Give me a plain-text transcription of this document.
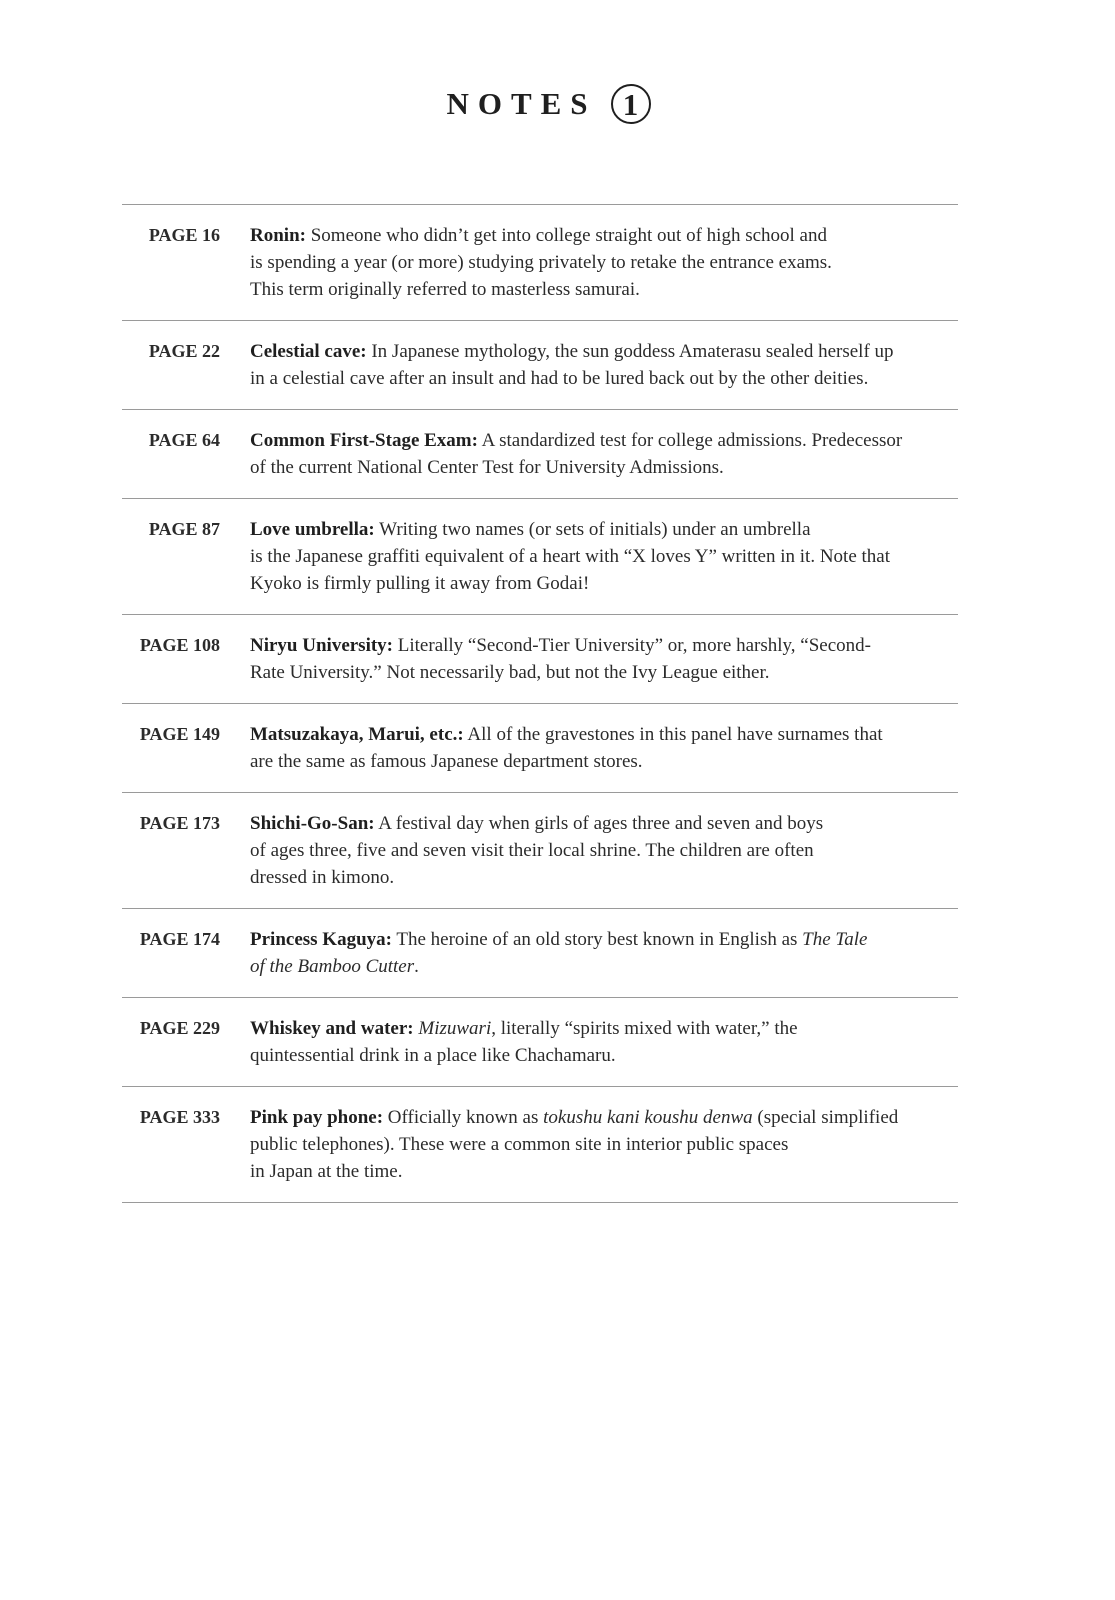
NOTES 1
PAGE 16 Ronin: Someone who didn’t get into college straight out of high school and
is spending a year (or more) studying privately to retake the entrance exams.
This term originally referred to masterless samurai.
PAGE 22 Celestial cave: In Japanese mythology, the sun goddess Amaterasu sealed herself up
in a celestial cave after an insult and had to be lured back out by the other deities.
PAGE 64 Common First-Stage Exam: A standardized test for college admissions. Predecessor
of the current National Center Test for University Admissions.
PAGE 87 Love umbrella: Writing two names (or sets of initials) under an umbrella
is the Japanese graffiti equivalent of a heart with “X loves Y” written in it. Note that
Kyoko is firmly pulling it away from Godai!
PAGE 108 Niryu University: Literally “Second-Tier University” or, more harshly, “Second-
Rate University.” Not necessarily bad, but not the Ivy League either.
PAGE 149 Matsuzakaya, Marui, etc.: All of the gravestones in this panel have surnames that
are the same as famous Japanese department stores.
PAGE 173 Shichi-Go-San: A festival day when girls of ages three and seven and boys
of ages three, five and seven visit their local shrine. The children are often
dressed in kimono.
PAGE 174 Princess Kaguya: The heroine of an old story best known in English as The Tale
of the Bamboo Cutter.
PAGE 229 Whiskey and water: Mizuwari, literally “spirits mixed with water,” the
quintessential drink in a place like Chachamaru.
PAGE 333 Pink pay phone: Officially known as tokushu kani koushu denwa (special simplified
public telephones). These were a common site in interior public spaces
in Japan at the time.
